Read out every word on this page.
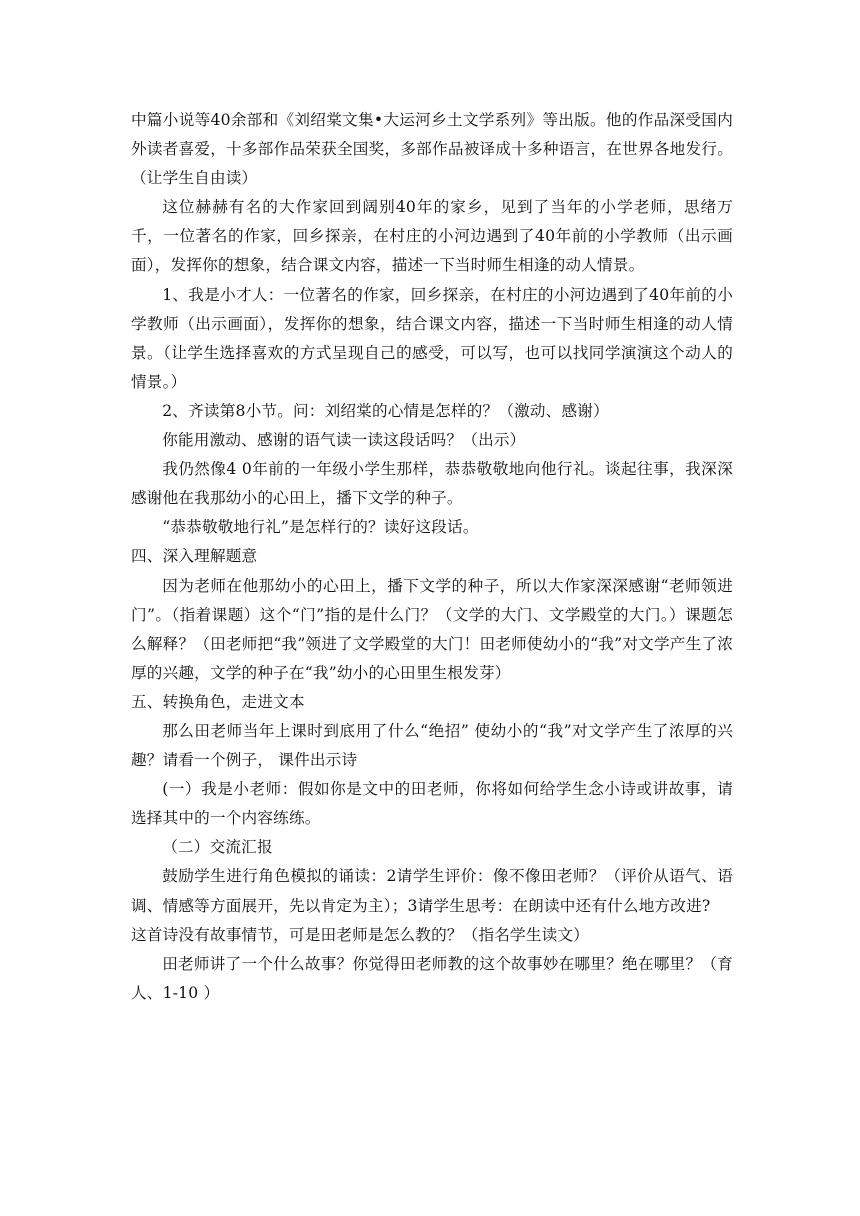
中篇小说等40余部和《刘绍棠文集•大运河乡土文学系列》等出版。他的作品深受国内外读者喜爱，十多部作品荣获全国奖，多部作品被译成十多种语言，在世界各地发行。（让学生自由读）

这位赫赫有名的大作家回到阔别40年的家乡，见到了当年的小学老师，思绪万千，一位著名的作家，回乡探亲，在村庄的小河边遇到了40年前的小学教师（出示画面），发挥你的想象，结合课文内容，描述一下当时师生相逢的动人情景。

1、我是小才人：一位著名的作家，回乡探亲，在村庄的小河边遇到了40年前的小学教师（出示画面），发挥你的想象，结合课文内容，描述一下当时师生相逢的动人情景。（让学生选择喜欢的方式呈现自己的感受，可以写，也可以找同学演演这个动人的情景。）

2、齐读第8小节。问：刘绍棠的心情是怎样的？（激动、感谢）

你能用激动、感谢的语气读一读这段话吗？（出示）

我仍然像4 0年前的一年级小学生那样，恭恭敬敬地向他行礼。谈起往事，我深深感谢他在我那幼小的心田上，播下文学的种子。

“恭恭敬敬地行礼”是怎样行的？读好这段话。

四、深入理解题意

因为老师在他那幼小的心田上，播下文学的种子，所以大作家深深感谢“老师领进门”。（指着课题）这个“门”指的是什么门？（文学的大门、文学殿堂的大门。）课题怎么解释？（田老师把“我”领进了文学殿堂的大门！田老师使幼小的“我”对文学产生了浓厚的兴趣，文学的种子在“我”幼小的心田里生根发芽）

五、转换角色，走进文本

那么田老师当年上课时到底用了什么“绝招” 使幼小的“我”对文学产生了浓厚的兴趣？请看一个例子， 课件出示诗

(一）我是小老师：假如你是文中的田老师，你将如何给学生念小诗或讲故事，请选择其中的一个内容练练。

（二）交流汇报

鼓励学生进行角色模拟的诵读：2请学生评价：像不像田老师？（评价从语气、语调、情感等方面展开，先以肯定为主）；3请学生思考：在朗读中还有什么地方改进?

这首诗没有故事情节，可是田老师是怎么教的？（指名学生读文）

田老师讲了一个什么故事？你觉得田老师教的这个故事妙在哪里？绝在哪里？（育人、1-10 ）
